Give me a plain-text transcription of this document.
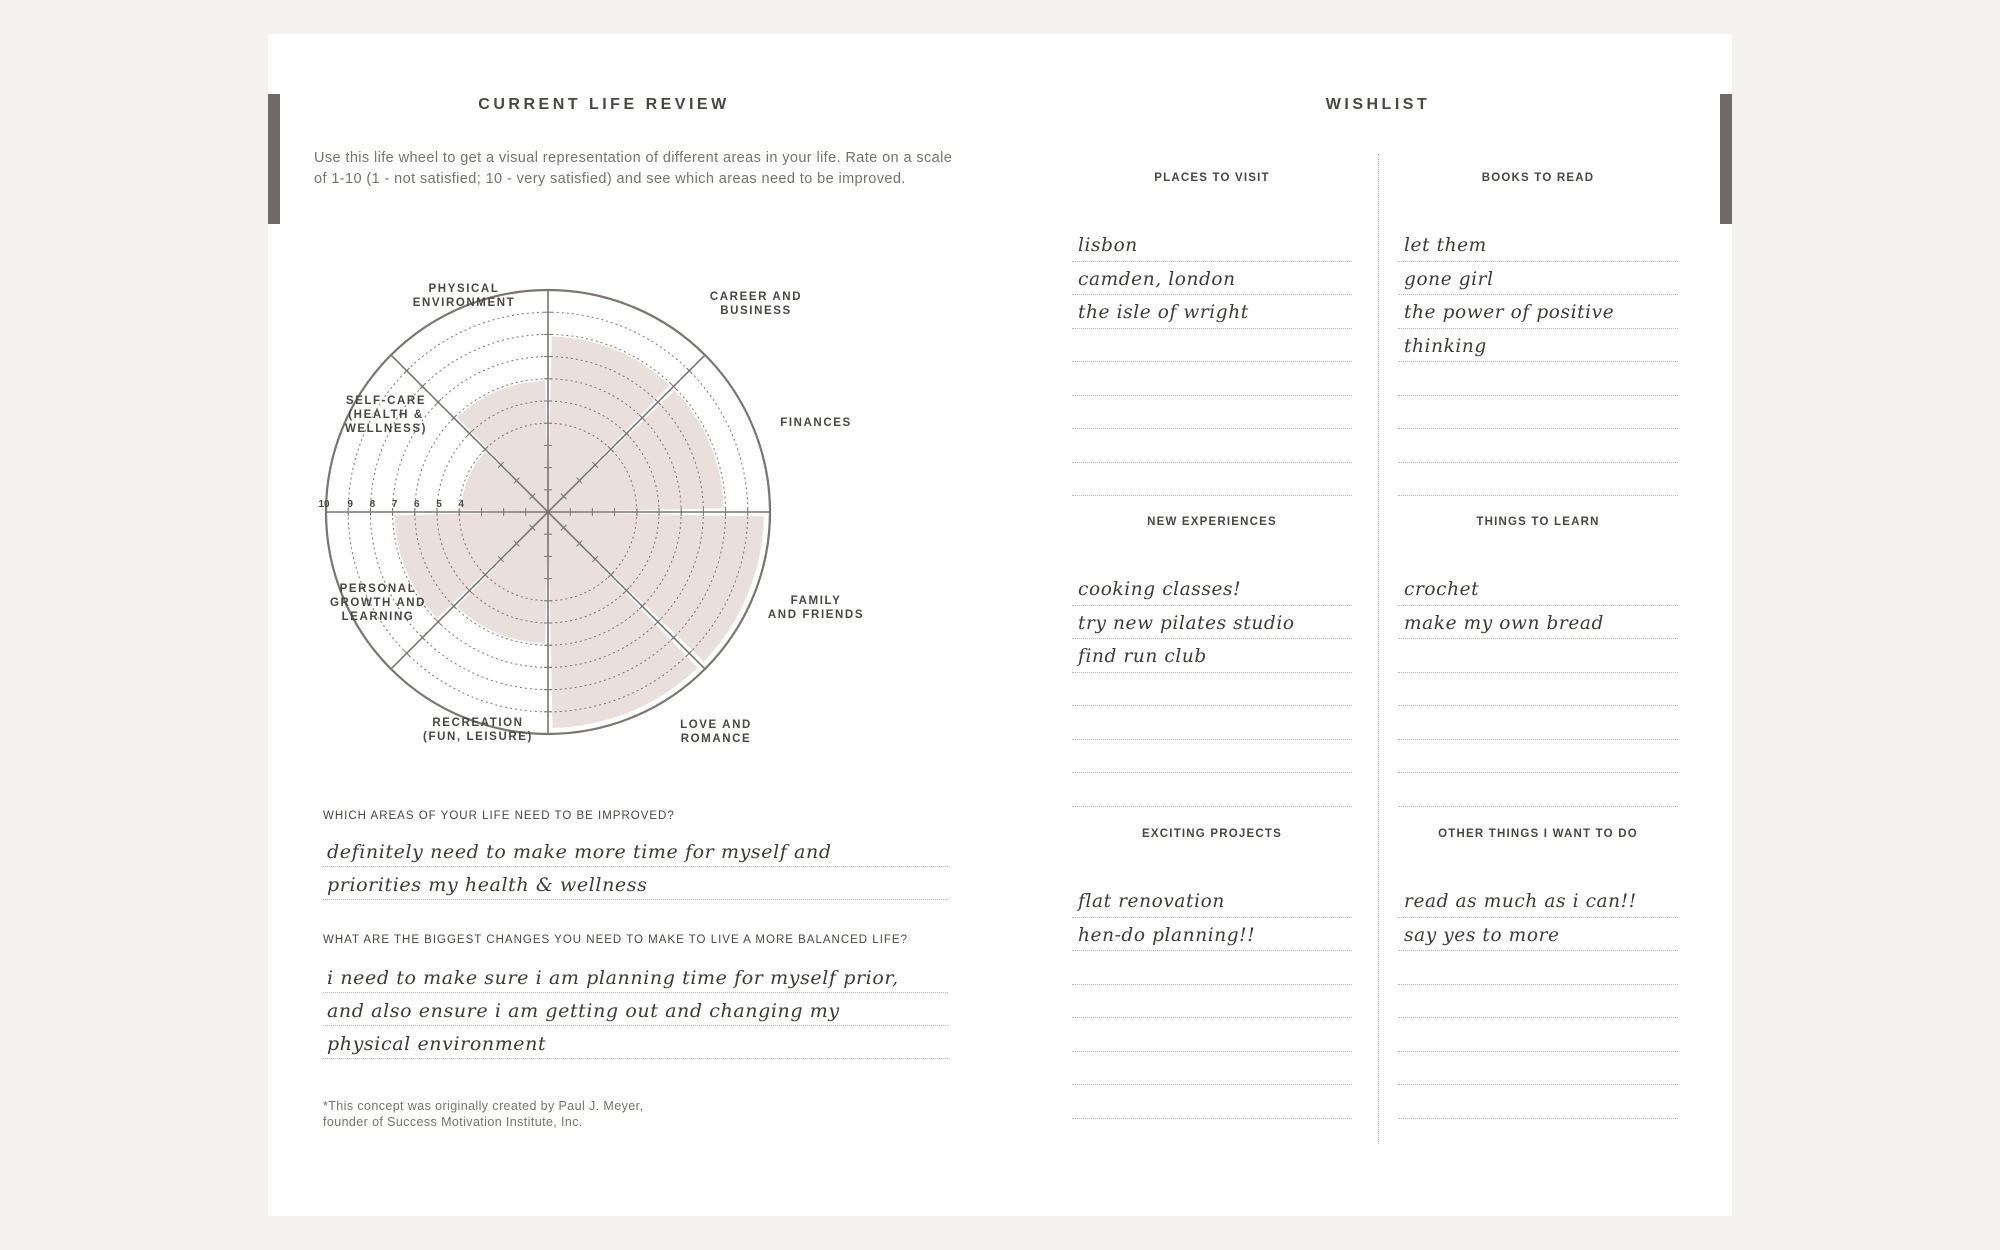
CURRENT LIFE REVIEW
Use this life wheel to get a visual representation of different areas in your life. Rate on a scale of 1-10 (1 - not satisfied; 10 - very satisfied) and see which areas need to be improved.
10 9 8 7 6 5 4
CAREER AND
BUSINESS
FINANCES
FAMILY
AND FRIENDS
LOVE AND
ROMANCE
RECREATION
(FUN, LEISURE)
PERSONAL
GROWTH AND
LEARNING
SELF-CARE
(HEALTH &
WELLNESS)
PHYSICAL
ENVIRONMENT
WHICH AREAS OF YOUR LIFE NEED TO BE IMPROVED?
definitely need to make more time for myself and
priorities my health & wellness
WHAT ARE THE BIGGEST CHANGES YOU NEED TO MAKE TO LIVE A MORE BALANCED LIFE?
i need to make sure i am planning time for myself prior,
and also ensure i am getting out and changing my
physical environment
*This concept was originally created by Paul J. Meyer,
founder of Success Motivation Institute, Inc.
WISHLIST
PLACES TO VISIT
lisbon
camden, london
the isle of wright
BOOKS TO READ
let them
gone girl
the power of positive
thinking
NEW EXPERIENCES
cooking classes!
try new pilates studio
find run club
THINGS TO LEARN
crochet
make my own bread
EXCITING PROJECTS
flat renovation
hen-do planning!!
OTHER THINGS I WANT TO DO
read as much as i can!!
say yes to more
